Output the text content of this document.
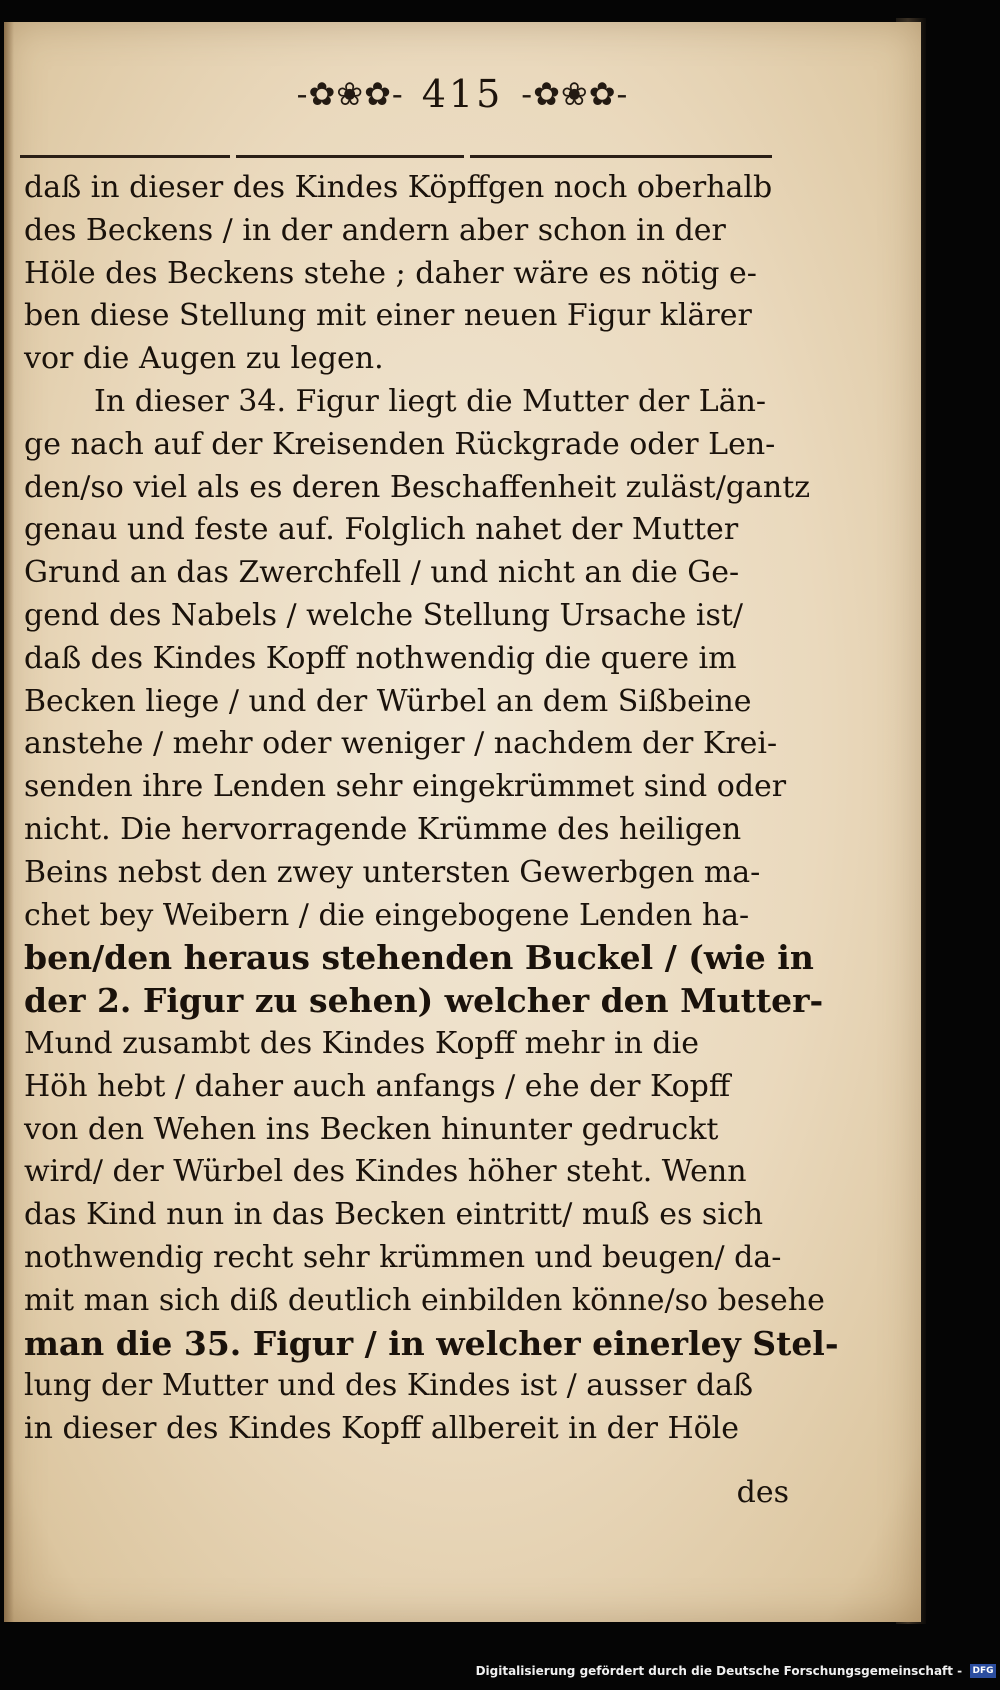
-✿❀✿- 415 -✿❀✿-
daß in dieser des Kindes Köpffgen noch oberhalb
des Beckens / in der andern aber schon in der
Höle des Beckens stehe ; daher wäre es nötig e-
ben diese Stellung mit einer neuen Figur klärer
vor die Augen zu legen.
In dieser 34. Figur liegt die Mutter der Län-
ge nach auf der Kreisenden Rückgrade oder Len-
den/so viel als es deren Beschaffenheit zuläst/gantz
genau und feste auf. Folglich nahet der Mutter
Grund an das Zwerchfell / und nicht an die Ge-
gend des Nabels / welche Stellung Ursache ist/
daß des Kindes Kopff nothwendig die quere im
Becken liege / und der Würbel an dem Sißbeine
anstehe / mehr oder weniger / nachdem der Krei-
senden ihre Lenden sehr eingekrümmet sind oder
nicht. Die hervorragende Krümme des heiligen
Beins nebst den zwey untersten Gewerbgen ma-
chet bey Weibern / die eingebogene Lenden ha-
ben/den heraus stehenden Buckel / (wie in
der 2. Figur zu sehen) welcher den Mutter-
Mund zusambt des Kindes Kopff mehr in die
Höh hebt / daher auch anfangs / ehe der Kopff
von den Wehen ins Becken hinunter gedruckt
wird/ der Würbel des Kindes höher steht. Wenn
das Kind nun in das Becken eintritt/ muß es sich
nothwendig recht sehr krümmen und beugen/ da-
mit man sich diß deutlich einbilden könne/so besehe
man die 35. Figur / in welcher einerley Stel-
lung der Mutter und des Kindes ist / ausser daß
in dieser des Kindes Kopff allbereit in der Höle
des
Digitalisierung gefördert durch die Deutsche Forschungsgemeinschaft - DFG
